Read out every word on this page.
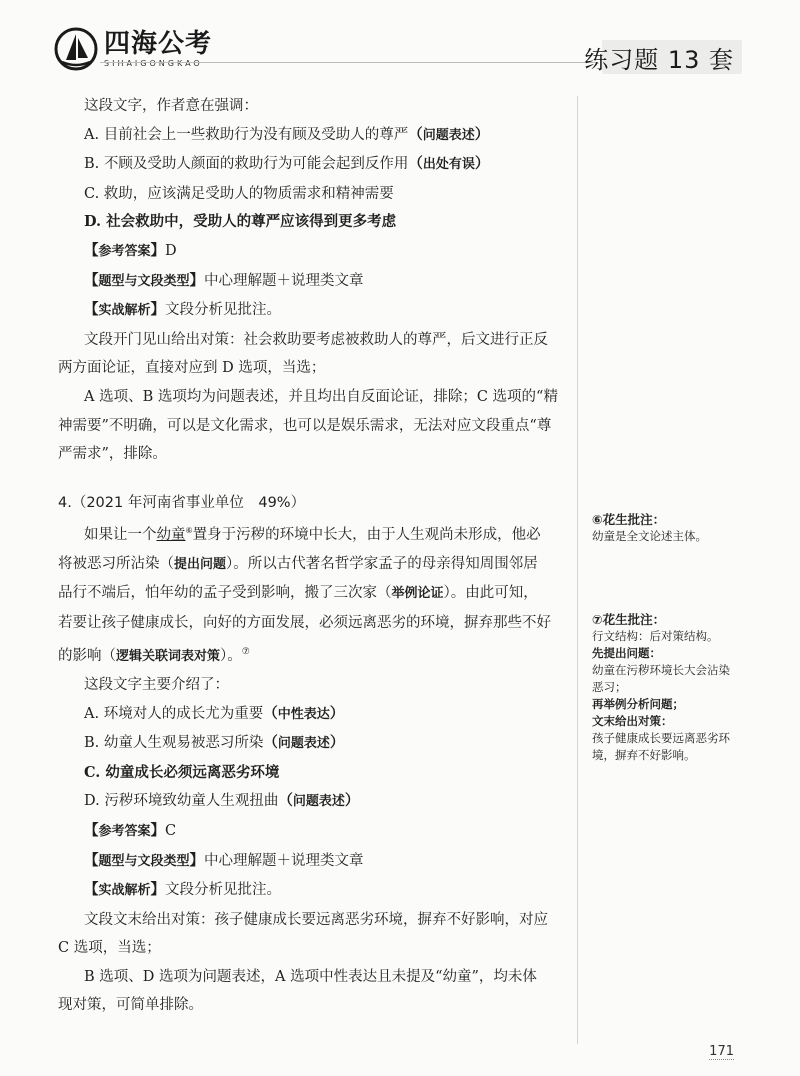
四海公考
SIHAIGONGKAO	练习题 13 套
这段文字，作者意在强调：
A. 目前社会上一些救助行为没有顾及受助人的尊严（问题表述）
B. 不顾及受助人颜面的救助行为可能会起到反作用（出处有误）
C. 救助，应该满足受助人的物质需求和精神需要
D. 社会救助中，受助人的尊严应该得到更多考虑
【参考答案】D
【题型与文段类型】中心理解题＋说理类文章
【实战解析】文段分析见批注。
文段开门见山给出对策：社会救助要考虑被救助人的尊严，后文进行正反
两方面论证，直接对应到 D 选项，当选；
A 选项、B 选项均为问题表述，并且均出自反面论证，排除；C 选项的“精
神需要”不明确，可以是文化需求，也可以是娱乐需求，无法对应文段重点“尊
严需求”，排除。
4.（2021 年河南省事业单位　49%）
如果让一个幼童⑥置身于污秽的环境中长大，由于人生观尚未形成，他必
将被恶习所沾染（提出问题）。所以古代著名哲学家孟子的母亲得知周围邻居
品行不端后，怕年幼的孟子受到影响，搬了三次家（举例论证）。由此可知，
若要让孩子健康成长，向好的方面发展，必须远离恶劣的环境，摒弃那些不好
的影响（逻辑关联词表对策）。⑦
这段文字主要介绍了：
A. 环境对人的成长尤为重要（中性表达）
B. 幼童人生观易被恶习所染（问题表述）
C. 幼童成长必须远离恶劣环境
D. 污秽环境致幼童人生观扭曲（问题表述）
【参考答案】C
【题型与文段类型】中心理解题＋说理类文章
【实战解析】文段分析见批注。
文段文末给出对策：孩子健康成长要远离恶劣环境，摒弃不好影响，对应
C 选项，当选；
B 选项、D 选项为问题表述，A 选项中性表达且未提及“幼童”，均未体
现对策，可简单排除。
⑥花生批注：
幼童是全文论述主体。
⑦花生批注：
行文结构：后对策结构。
先提出问题：
幼童在污秽环境长大会沾染
恶习；
再举例分析问题；
文末给出对策：
孩子健康成长要远离恶劣环
境，摒弃不好影响。
171
